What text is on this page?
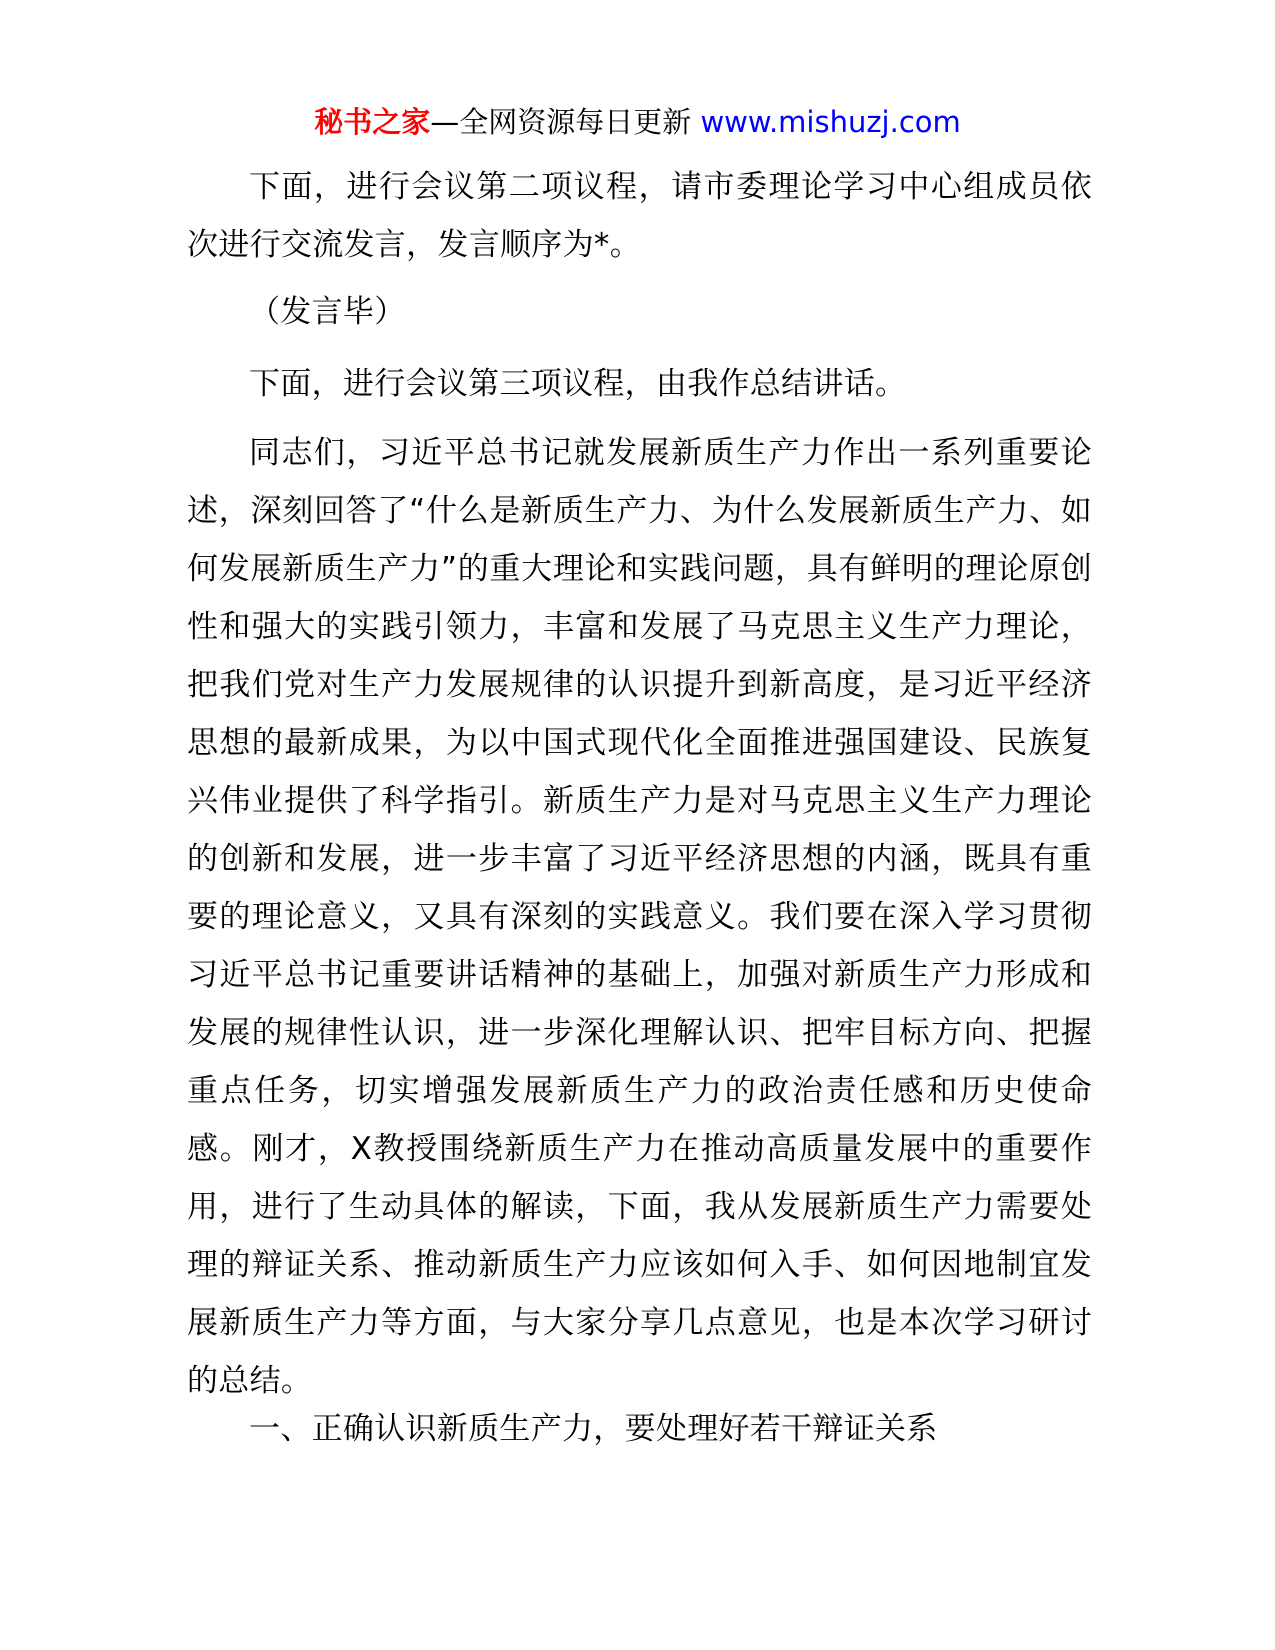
秘书之家—全网资源每日更新 www.mishuzj.com

下面，进行会议第二项议程，请市委理论学习中心组成员依次进行交流发言，发言顺序为*。

（发言毕）

下面，进行会议第三项议程，由我作总结讲话。

同志们，习近平总书记就发展新质生产力作出一系列重要论述，深刻回答了“什么是新质生产力、为什么发展新质生产力、如何发展新质生产力”的重大理论和实践问题，具有鲜明的理论原创性和强大的实践引领力，丰富和发展了马克思主义生产力理论，把我们党对生产力发展规律的认识提升到新高度，是习近平经济思想的最新成果，为以中国式现代化全面推进强国建设、民族复兴伟业提供了科学指引。新质生产力是对马克思主义生产力理论的创新和发展，进一步丰富了习近平经济思想的内涵，既具有重要的理论意义，又具有深刻的实践意义。我们要在深入学习贯彻习近平总书记重要讲话精神的基础上，加强对新质生产力形成和发展的规律性认识，进一步深化理解认识、把牢目标方向、把握重点任务，切实增强发展新质生产力的政治责任感和历史使命感。刚才，X教授围绕新质生产力在推动高质量发展中的重要作用，进行了生动具体的解读，下面，我从发展新质生产力需要处理的辩证关系、推动新质生产力应该如何入手、如何因地制宜发展新质生产力等方面，与大家分享几点意见，也是本次学习研讨的总结。

一、正确认识新质生产力，要处理好若干辩证关系
